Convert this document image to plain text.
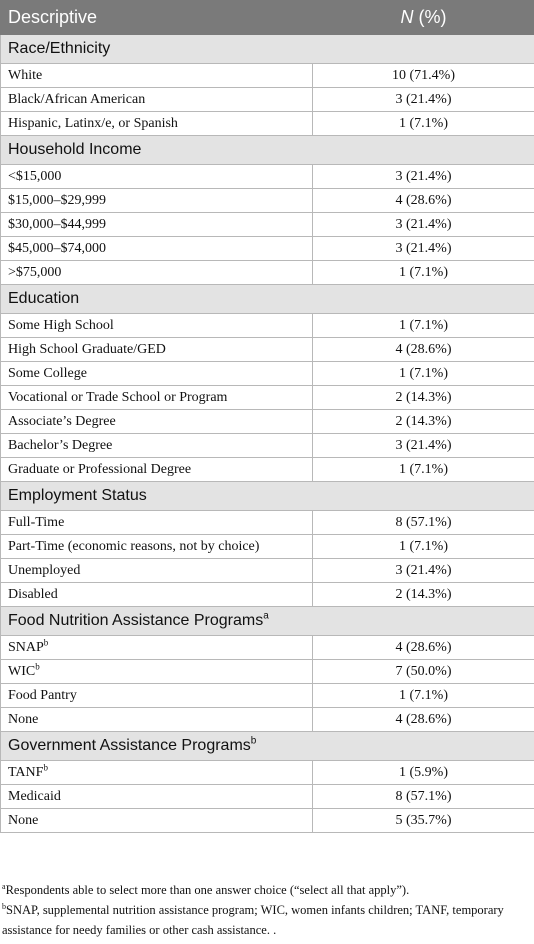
Descriptive	N (%)
Race/Ethnicity	
White	10 (71.4%)
Black/African American	3 (21.4%)
Hispanic, Latinx/e, or Spanish	1 (7.1%)
Household Income	
<$15,000	3 (21.4%)
$15,000–$29,999	4 (28.6%)
$30,000–$44,999	3 (21.4%)
$45,000–$74,000	3 (21.4%)
>$75,000	1 (7.1%)
Education	
Some High School	1 (7.1%)
High School Graduate/GED	4 (28.6%)
Some College	1 (7.1%)
Vocational or Trade School or Program	2 (14.3%)
Associate’s Degree	2 (14.3%)
Bachelor’s Degree	3 (21.4%)
Graduate or Professional Degree	1 (7.1%)
Employment Status	
Full-Time	8 (57.1%)
Part-Time (economic reasons, not by choice)	1 (7.1%)
Unemployed	3 (21.4%)
Disabled	2 (14.3%)
Food Nutrition Assistance Programs$^a$
SNAP$^b$	4 (28.6%)
WIC$^b$	7 (50.0%)
Food Pantry	1 (7.1%)
None	4 (28.6%)
Government Assistance Programs$^b$
TANF$^b$	1 (5.9%)
Medicaid	8 (57.1%)
None	5 (35.7%)

$^a$Respondents able to select more than one answer choice (“select all that apply”).

$^b$SNAP, supplemental nutrition assistance program; WIC, women infants children; TANF, temporary assistance for needy families or other cash assistance. .
